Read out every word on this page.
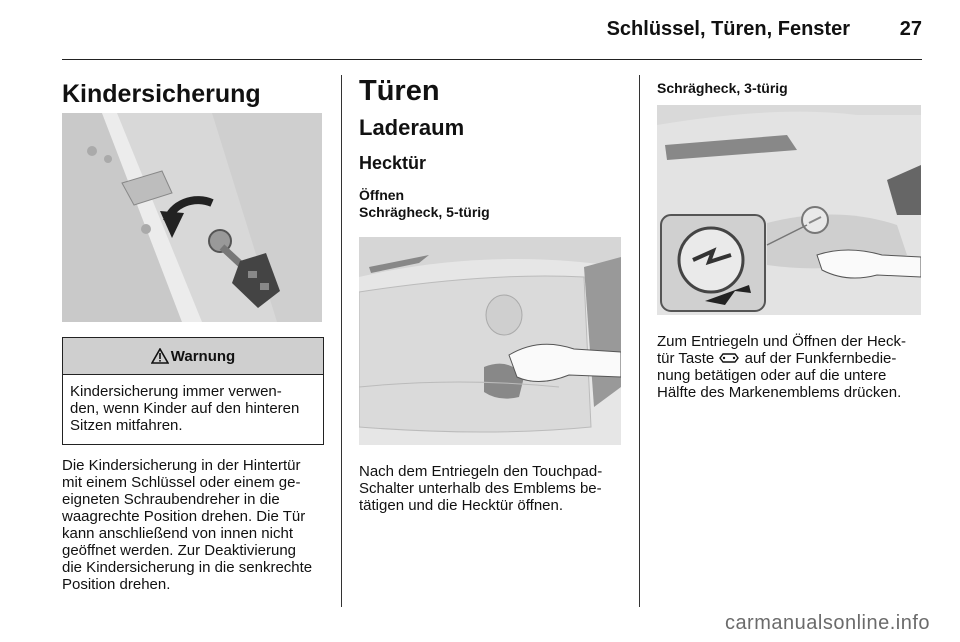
Schlüssel, Türen, Fenster	27
Kindersicherung
Warnung
Kindersicherung immer verwen-
den, wenn Kinder auf den hinteren
Sitzen mitfahren.
Die Kindersicherung in der Hintertür
mit einem Schlüssel oder einem ge-
eigneten Schraubendreher in die
waagrechte Position drehen. Die Tür
kann anschließend von innen nicht
geöffnet werden. Zur Deaktivierung
die Kindersicherung in die senkrechte
Position drehen.
Türen
Laderaum
Hecktür
Öffnen
Schrägheck, 5-türig
Nach dem Entriegeln den Touchpad-
Schalter unterhalb des Emblems be-
tätigen und die Hecktür öffnen.
Schrägheck, 3-türig
Zum Entriegeln und Öffnen der Heck-
tür Taste auf der Funkfernbedie-
nung betätigen oder auf die untere
Hälfte des Markenemblems drücken.
carmanualsonline.info
